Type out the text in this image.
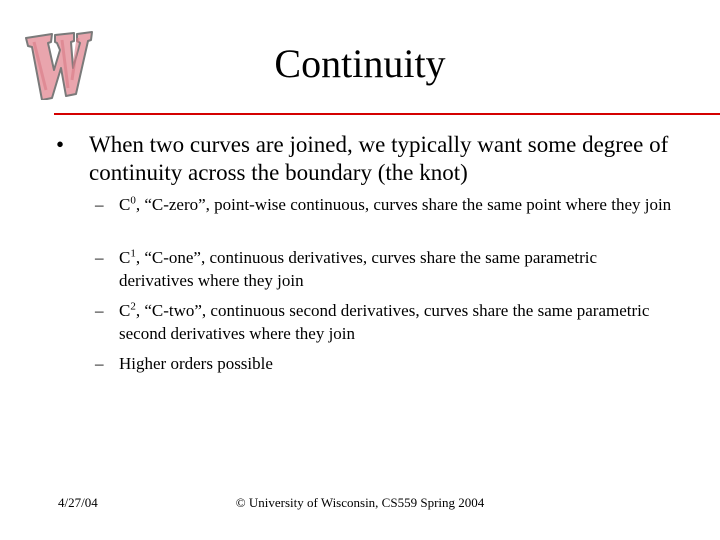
Continuity
• When two curves are joined, we typically want some degree of continuity across the boundary (the knot)
– $C^0$, “C-zero”, point-wise continuous, curves share the same point where they join
– $C^1$, “C-one”, continuous derivatives, curves share the same parametric derivatives where they join
– $C^2$, “C-two”, continuous second derivatives, curves share the same parametric second derivatives where they join
– Higher orders possible
4/27/04	© University of Wisconsin, CS559 Spring 2004
